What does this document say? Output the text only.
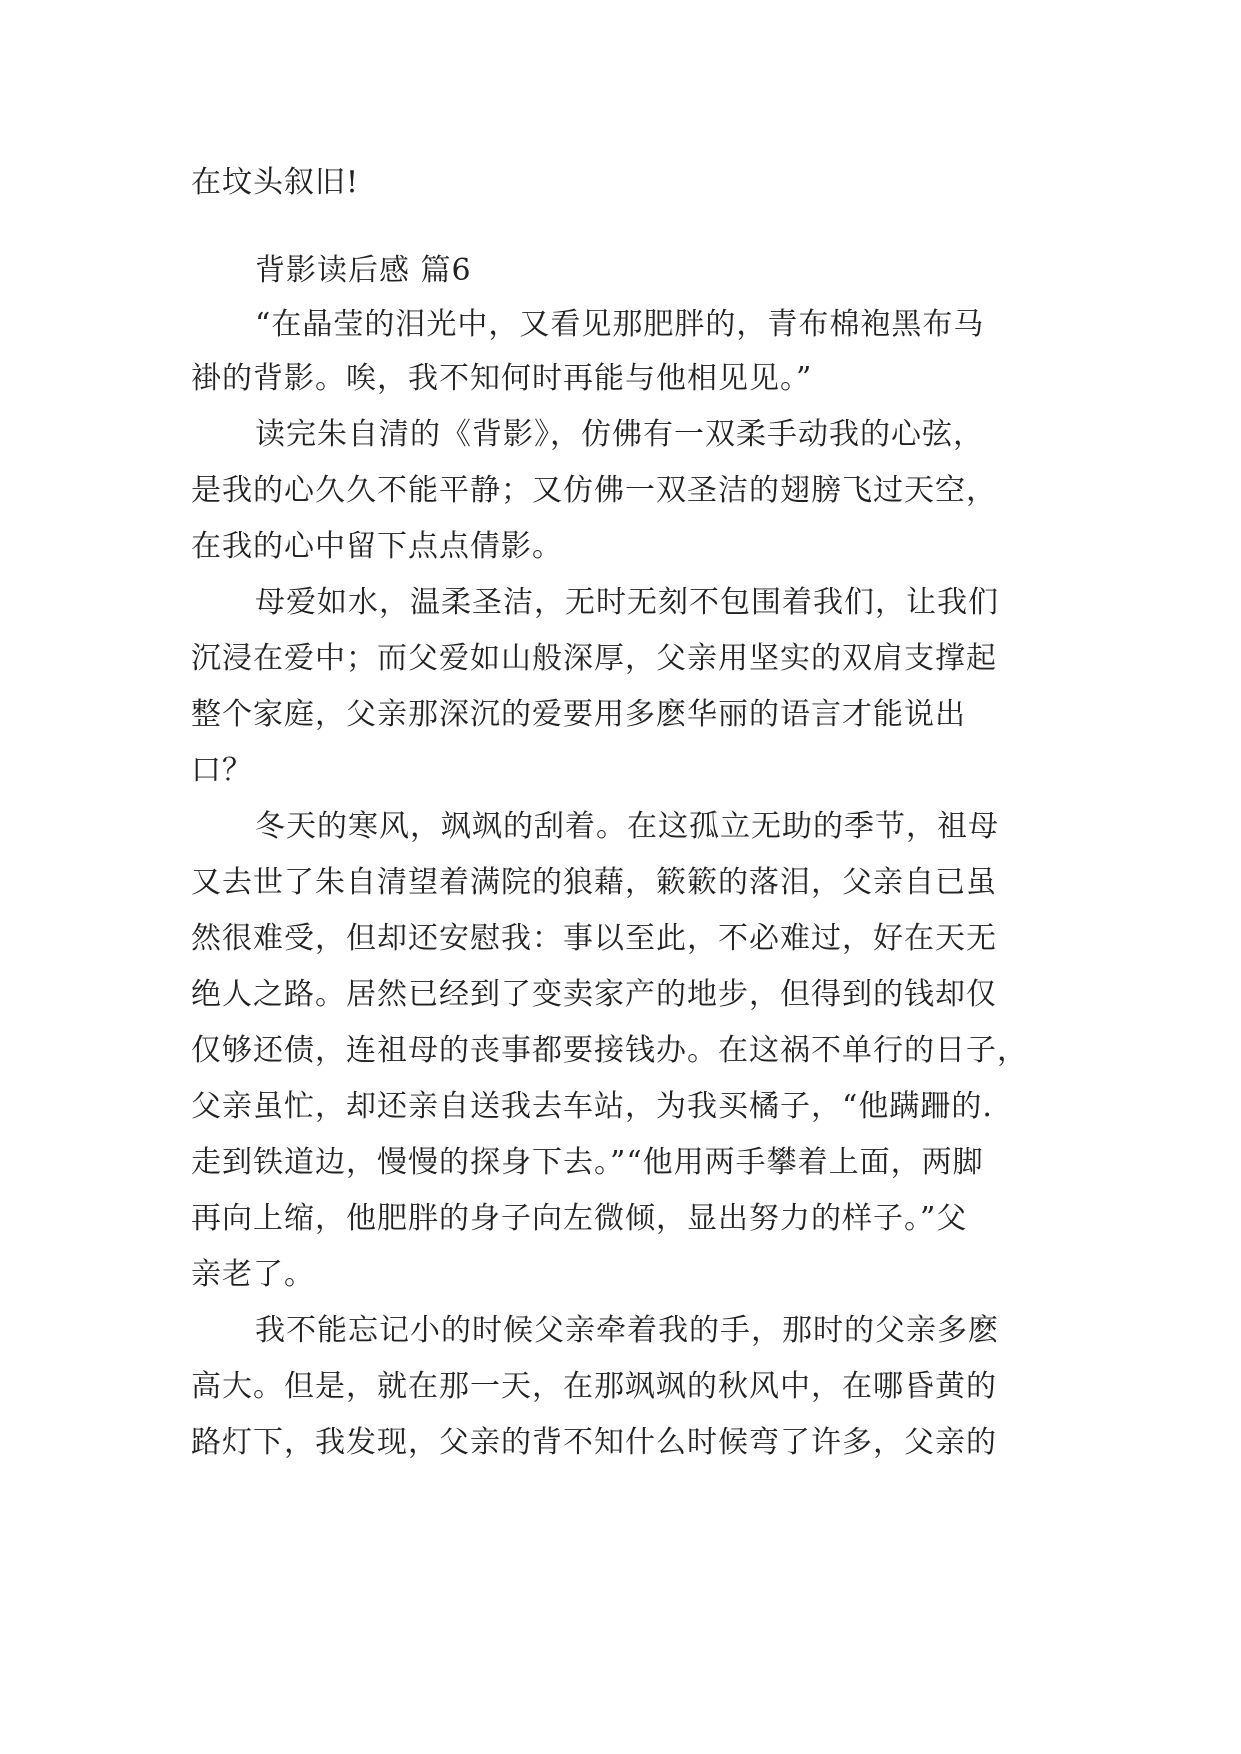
在坟头叙旧!
背影读后感 篇6
“在晶莹的泪光中，又看见那肥胖的，青布棉袍黑布马
褂的背影。唉，我不知何时再能与他相见见。”
读完朱自清的《背影》，仿佛有一双柔手动我的心弦，
是我的心久久不能平静；又仿佛一双圣洁的翅膀飞过天空，
在我的心中留下点点倩影。
母爱如水，温柔圣洁，无时无刻不包围着我们，让我们
沉浸在爱中；而父爱如山般深厚，父亲用坚实的双肩支撑起
整个家庭，父亲那深沉的爱要用多麽华丽的语言才能说出
口？
冬天的寒风，飒飒的刮着。在这孤立无助的季节，祖母
又去世了朱自清望着满院的狼藉，簌簌的落泪，父亲自已虽
然很难受，但却还安慰我：事以至此，不必难过，好在天无
绝人之路。居然已经到了变卖家产的地步，但得到的钱却仅
仅够还债，连祖母的丧事都要接钱办。在这祸不单行的日子，
父亲虽忙，却还亲自送我去车站，为我买橘子，“他蹒跚的.
走到铁道边，慢慢的探身下去。”“他用两手攀着上面，两脚
再向上缩，他肥胖的身子向左微倾，显出努力的样子。”父
亲老了。
我不能忘记小的时候父亲牵着我的手，那时的父亲多麽
高大。但是，就在那一天，在那飒飒的秋风中，在哪昏黄的
路灯下，我发现，父亲的背不知什么时候弯了许多，父亲的
